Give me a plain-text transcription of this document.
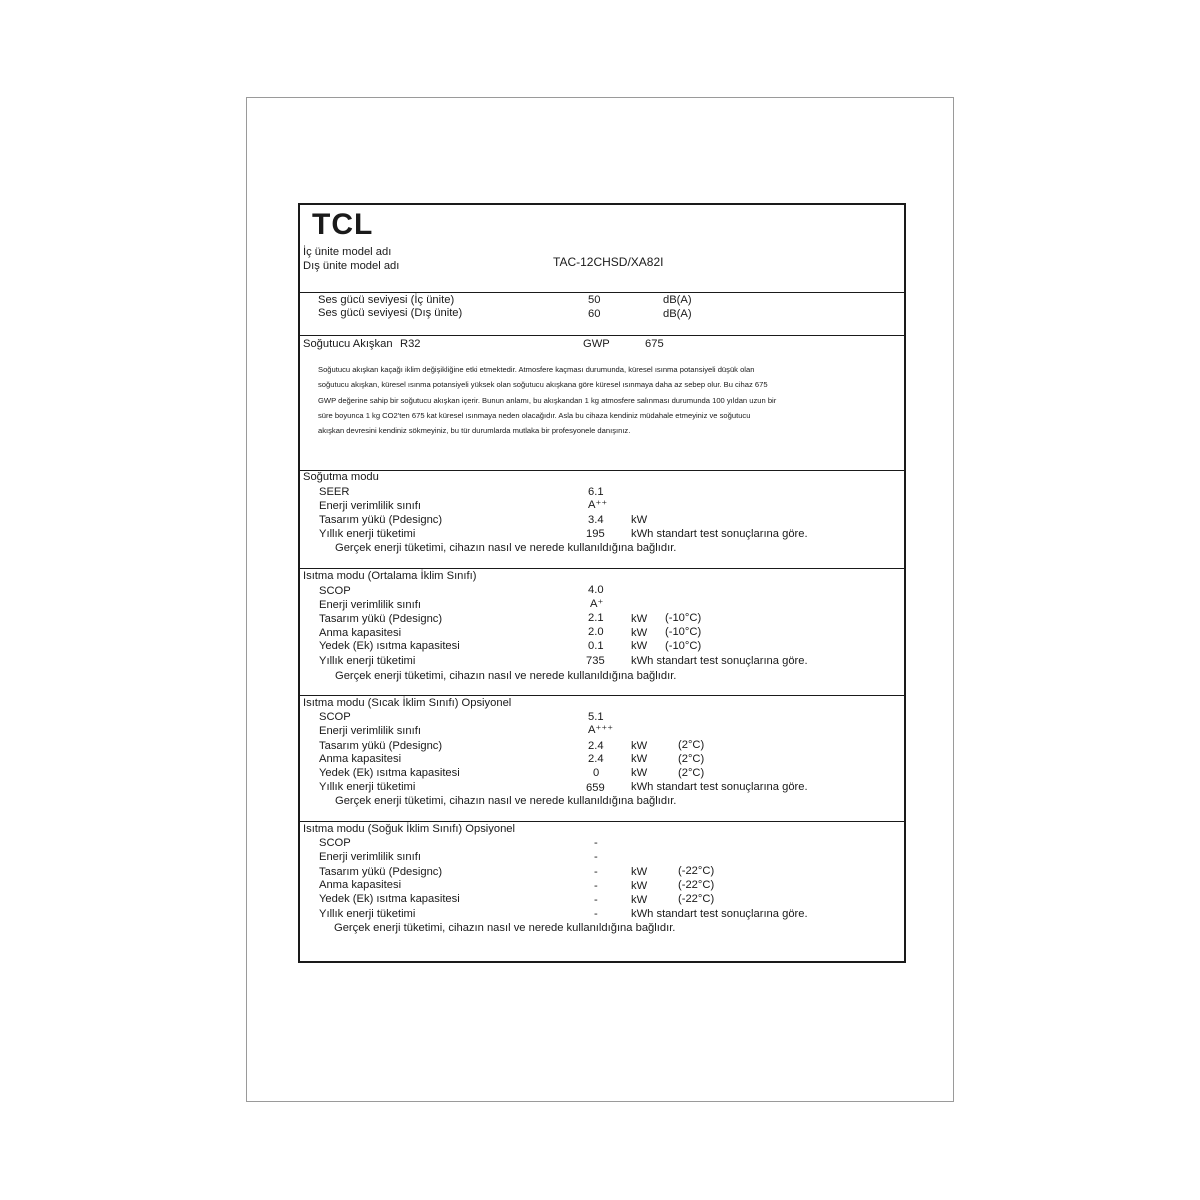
TCL
İç ünite model adı
Dış ünite model adı	TAC-12CHSD/XA82I
Ses gücü seviyesi (İç ünite)	50	dB(A)
Ses gücü seviyesi (Dış ünite)	60	dB(A)
Soğutucu Akışkan R32	GWP	675

Soğutucu akışkan kaçağı iklim değişikliğine etki etmektedir. Atmosfere kaçması durumunda, küresel ısınma potansiyeli düşük olan

soğutucu akışkan, küresel ısınma potansiyeli yüksek olan soğutucu akışkana göre küresel ısınmaya daha az sebep olur. Bu cihaz 675

GWP değerine sahip bir soğutucu akışkan içerir. Bunun anlamı, bu akışkandan 1 kg atmosfere salınması durumunda 100 yıldan uzun bir

süre boyunca 1 kg CO2'ten 675 kat küresel ısınmaya neden olacağıdır. Asla bu cihaza kendiniz müdahale etmeyiniz ve soğutucu

akışkan devresini kendiniz sökmeyiniz, bu tür durumlarda mutlaka bir profesyonele danışınız.

Soğutma modu
SEER	6.1
Enerji verimlilik sınıfı	A⁺⁺
Tasarım yükü (Pdesignc)	3.4 kW
Yıllık enerji tüketimi	195 kWh standart test sonuçlarına göre.
Gerçek enerji tüketimi, cihazın nasıl ve nerede kullanıldığına bağlıdır.
Isıtma modu (Ortalama İklim Sınıfı)
SCOP	4.0
Enerji verimlilik sınıfı	A⁺
Tasarım yükü (Pdesignc)	2.1 kW (-10°C)
Anma kapasitesi	2.0 kW (-10°C)
Yedek (Ek) ısıtma kapasitesi	0.1 kW (-10°C)
Yıllık enerji tüketimi	735 kWh standart test sonuçlarına göre.
Gerçek enerji tüketimi, cihazın nasıl ve nerede kullanıldığına bağlıdır.
Isıtma modu (Sıcak İklim Sınıfı) Opsiyonel
SCOP	5.1
Enerji verimlilik sınıfı	A⁺⁺⁺
Tasarım yükü (Pdesignc)	2.4 kW	(2°C)
Anma kapasitesi	2.4 kW	(2°C)
Yedek (Ek) ısıtma kapasitesi	0	kW	(2°C)
Yıllık enerji tüketimi	659 kWh standart test sonuçlarına göre.
Gerçek enerji tüketimi, cihazın nasıl ve nerede kullanıldığına bağlıdır.
Isıtma modu (Soğuk İklim Sınıfı) Opsiyonel
SCOP	-
Enerji verimlilik sınıfı	-
Tasarım yükü (Pdesignc)	-	kW	(-22°C)
Anma kapasitesi	-	kW	(-22°C)
Yedek (Ek) ısıtma kapasitesi	-	kW	(-22°C)
Yıllık enerji tüketimi	-	kWh standart test sonuçlarına göre.
Gerçek enerji tüketimi, cihazın nasıl ve nerede kullanıldığına bağlıdır.
